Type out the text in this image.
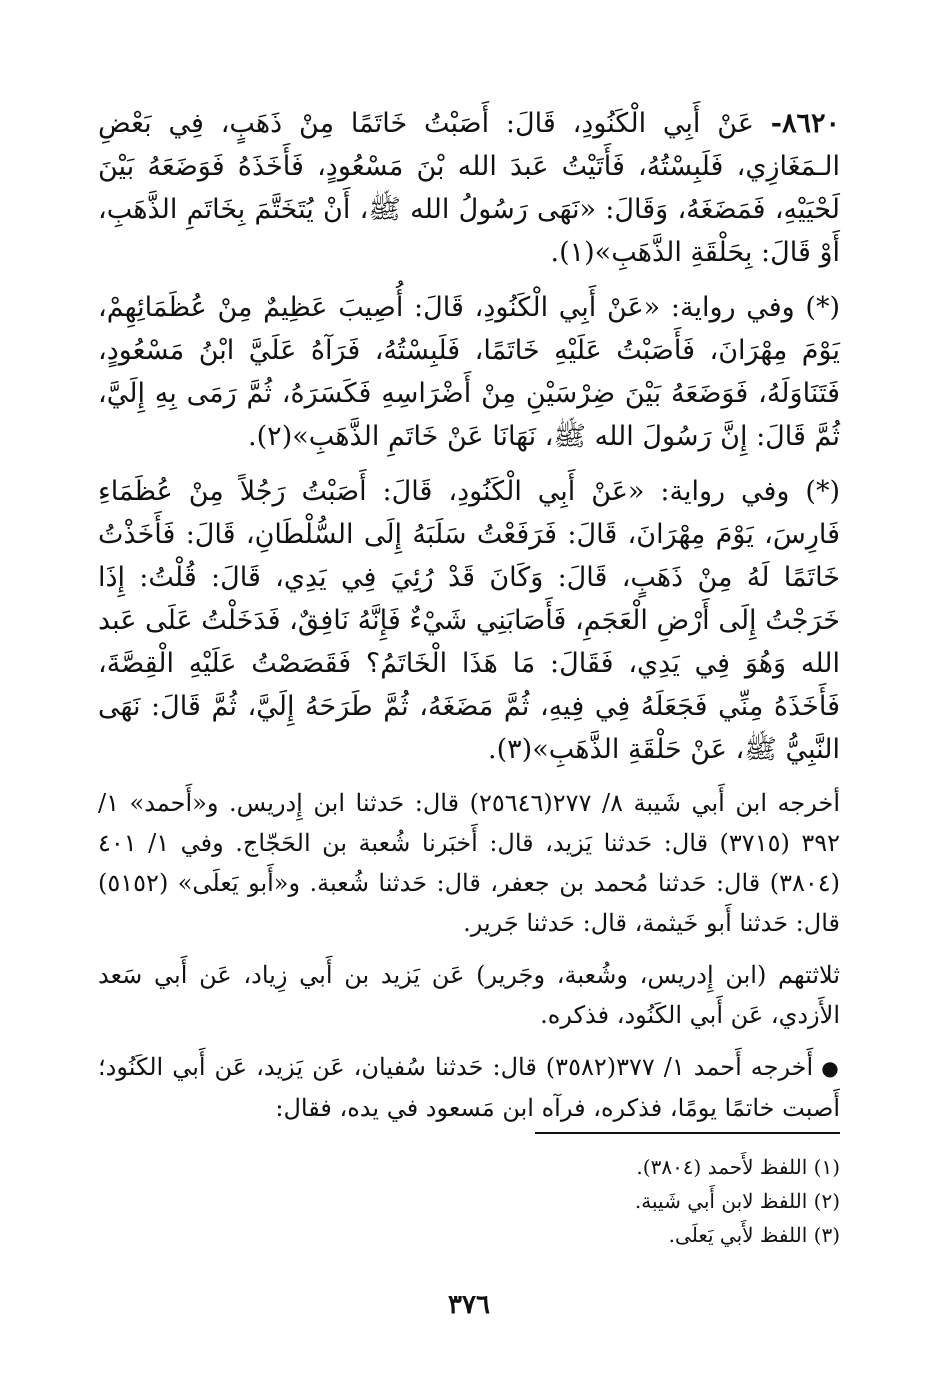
٨٦٢٠- عَنْ أَبِي الْكَنُودِ، قَالَ: أَصَبْتُ خَاتَمًا مِنْ ذَهَبٍ، فِي بَعْضِ الـمَغَازِي، فَلَبِسْتُهُ، فَأَتَيْتُ عَبدَ الله بْنَ مَسْعُودٍ، فَأَخَذَهُ فَوَضَعَهُ بَيْنَ لَحْيَيْهِ، فَمَضَغَهُ، وَقَالَ: «نَهَى رَسُولُ الله ﷺ، أَنْ يُتَخَتَّمَ بِخَاتَمِ الذَّهَبِ، أَوْ قَالَ: بِحَلْقَةِ الذَّهَبِ»(١).

(*) وفي رواية: «عَنْ أَبِي الْكَنُودِ، قَالَ: أُصِيبَ عَظِيمٌ مِنْ عُظَمَائِهِمْ، يَوْمَ مِهْرَانَ، فَأَصَبْتُ عَلَيْهِ خَاتَمًا، فَلَبِسْتُهُ، فَرَآهُ عَلَيَّ ابْنُ مَسْعُودٍ، فَتَنَاوَلَهُ، فَوَضَعَهُ بَيْنَ ضِرْسَيْنِ مِنْ أَضْرَاسِهِ فَكَسَرَهُ، ثُمَّ رَمَى بِهِ إِلَيَّ، ثُمَّ قَالَ: إِنَّ رَسُولَ الله ﷺ، نَهَانَا عَنْ خَاتَمِ الذَّهَبِ»(٢).

(*) وفي رواية: «عَنْ أَبِي الْكَنُودِ، قَالَ: أَصَبْتُ رَجُلاً مِنْ عُظَمَاءِ فَارِسَ، يَوْمَ مِهْرَانَ، قَالَ: فَرَفَعْتُ سَلَبَهُ إِلَى السُّلْطَانِ، قَالَ: فَأَخَذْتُ خَاتَمًا لَهُ مِنْ ذَهَبٍ، قَالَ: وَكَانَ قَدْ رُئِيَ فِي يَدِي، قَالَ: قُلْتُ: إِذَا خَرَجْتُ إِلَى أَرْضِ الْعَجَمِ، فَأَصَابَنِي شَيْءٌ فَإِنَّهُ نَافِقٌ، فَدَخَلْتُ عَلَى عَبد الله وَهُوَ فِي يَدِي، فَقَالَ: مَا هَذَا الْخَاتَمُ؟ فَقَصَصْتُ عَلَيْهِ الْقِصَّةَ، فَأَخَذَهُ مِنِّي فَجَعَلَهُ فِي فِيهِ، ثُمَّ مَضَغَهُ، ثُمَّ طَرَحَهُ إِلَيَّ، ثُمَّ قَالَ: نَهَى النَّبِيُّ ﷺ، عَنْ حَلْقَةِ الذَّهَبِ»(٣).

أخرجه ابن أَبي شَيبة ٨/ ٢٧٧(٢٥٦٤٦) قال: حَدثنا ابن إِدريس. و«أَحمد» ١/ ٣٩٢ (٣٧١٥) قال: حَدثنا يَزيد، قال: أَخبَرنا شُعبة بن الحَجّاج. وفي ١/ ٤٠١ (٣٨٠٤) قال: حَدثنا مُحمد بن جعفر، قال: حَدثنا شُعبة. و«أَبو يَعلَى» (٥١٥٢) قال: حَدثنا أَبو خَيثمة، قال: حَدثنا جَرير.

ثلاثتهم (ابن إِدريس، وشُعبة، وجَرير) عَن يَزيد بن أَبي زِياد، عَن أَبي سَعد الأَزدي، عَن أَبي الكَنُود، فذكره.

●أَخرجه أَحمد ١/ ٣٧٧(٣٥٨٢) قال: حَدثنا سُفيان، عَن يَزيد، عَن أَبي الكَنُود؛ أَصبت خاتمًا يومًا، فذكره، فرآه ابن مَسعود في يده، فقال:

(١) اللفظ لأَحمد (٣٨٠٤).
(٢) اللفظ لابن أَبي شَيبة.
(٣) اللفظ لأَبي يَعلَى.
٣٧٦
